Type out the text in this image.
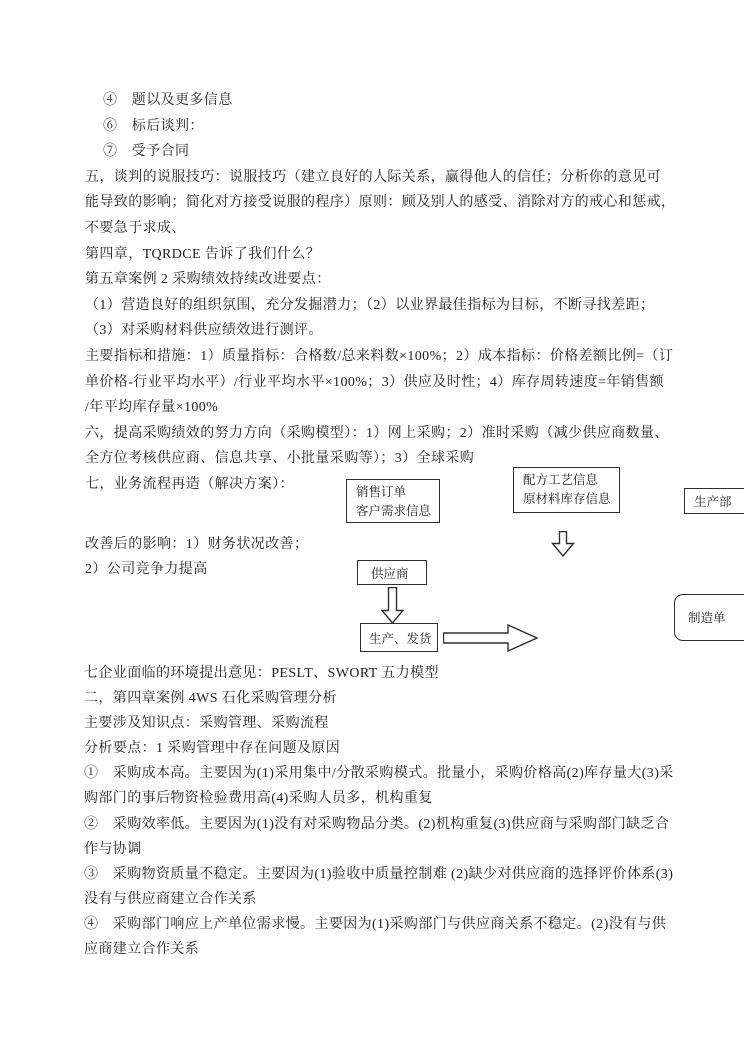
④　题以及更多信息
⑥　标后谈判：
⑦　受予合同
五，谈判的说服技巧：说服技巧（建立良好的人际关系，赢得他人的信任；分析你的意见可
能导致的影响；简化对方接受说服的程序）原则：顾及别人的感受、消除对方的戒心和惩戒，
不要急于求成、
第四章，TQRDCE 告诉了我们什么？
第五章案例 2 采购绩效持续改进要点：
（1）营造良好的组织氛围，充分发掘潜力；（2）以业界最佳指标为目标，不断寻找差距；
（3）对采购材料供应绩效进行测评。
主要指标和措施：1）质量指标：合格数/总来料数×100%；2）成本指标：价格差额比例=（订
单价格-行业平均水平）/行业平均水平×100%；3）供应及时性；4）库存周转速度=年销售额
/年平均库存量×100%
六，提高采购绩效的努力方向（采购模型）：1）网上采购；2）准时采购（减少供应商数量、
全方位考核供应商、信息共享、小批量采购等）；3）全球采购
七，业务流程再造（解决方案）：
改善后的影响：1）财务状况改善；
2）公司竞争力提高
七企业面临的环境提出意见：PESLT、SWORT 五力模型
二，第四章案例 4WS 石化采购管理分析
主要涉及知识点：采购管理、采购流程
分析要点：1 采购管理中存在问题及原因
①　采购成本高。主要因为(1)采用集中/分散采购模式。批量小，采购价格高(2)库存量大(3)采
购部门的事后物资检验费用高(4)采购人员多，机构重复
②　采购效率低。主要因为(1)没有对采购物品分类。(2)机构重复(3)供应商与采购部门缺乏合
作与协调
③　采购物资质量不稳定。主要因为(1)验收中质量控制难 (2)缺少对供应商的选择评价体系(3)
没有与供应商建立合作关系
④　采购部门响应上产单位需求慢。主要因为(1)采购部门与供应商关系不稳定。(2)没有与供
应商建立合作关系
销售订单
客户需求信息
配方工艺信息
原材料库存信息	生产部
供应商
生产、发货
制造单
